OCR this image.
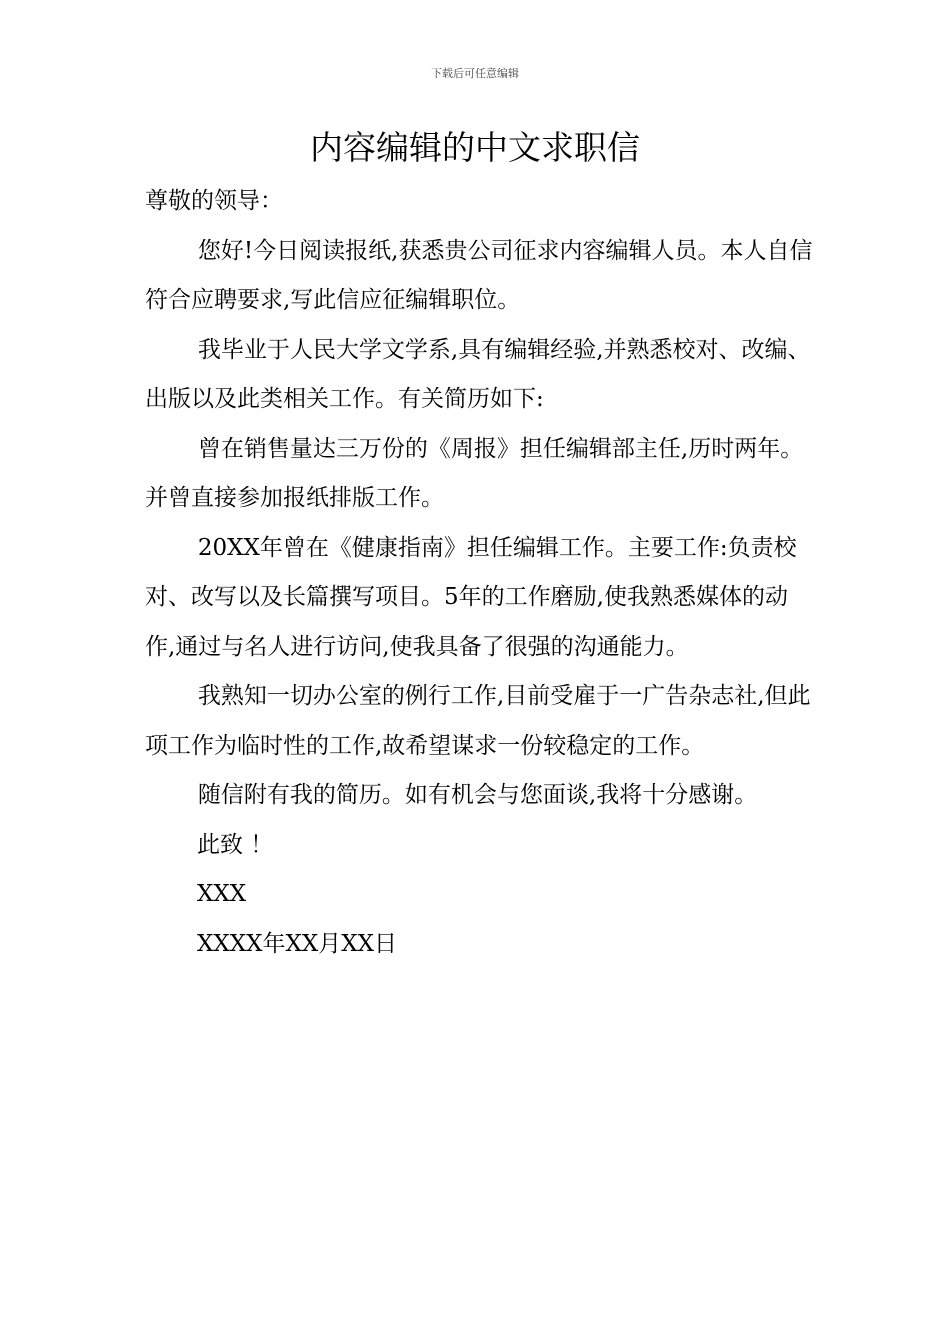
下载后可任意编辑
内容编辑的中文求职信

尊敬的领导：

您好!今日阅读报纸,获悉贵公司征求内容编辑人员。本人自信符合应聘要求,写此信应征编辑职位。

我毕业于人民大学文学系,具有编辑经验,并熟悉校对、改编、出版以及此类相关工作。有关简历如下:

曾在销售量达三万份的《周报》担任编辑部主任,历时两年。并曾直接参加报纸排版工作。

20XX年曾在《健康指南》担任编辑工作。主要工作:负责校对、改写以及长篇撰写项目。5年的工作磨励,使我熟悉媒体的动作,通过与名人进行访问,使我具备了很强的沟通能力。

我熟知一切办公室的例行工作,目前受雇于一广告杂志社,但此项工作为临时性的工作,故希望谋求一份较稳定的工作。

随信附有我的简历。如有机会与您面谈,我将十分感谢。

此致 ！

XXX

XXXX年XX月XX日
